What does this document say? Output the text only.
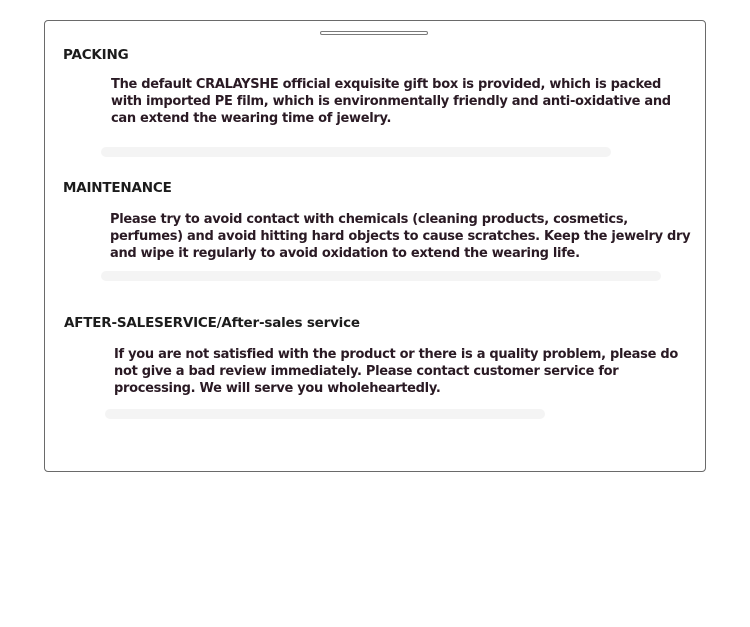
PACKING
The default CRALAYSHE official exquisite gift box is provided, which is packed with imported PE film, which is environmentally friendly and anti-oxidative and can extend the wearing time of jewelry.
MAINTENANCE
Please try to avoid contact with chemicals (cleaning products, cosmetics, perfumes) and avoid hitting hard objects to cause scratches. Keep the jewelry dry and wipe it regularly to avoid oxidation to extend the wearing life.
AFTER-SALESERVICE/After-sales service
If you are not satisfied with the product or there is a quality problem, please do not give a bad review immediately. Please contact customer service for processing. We will serve you wholeheartedly.
